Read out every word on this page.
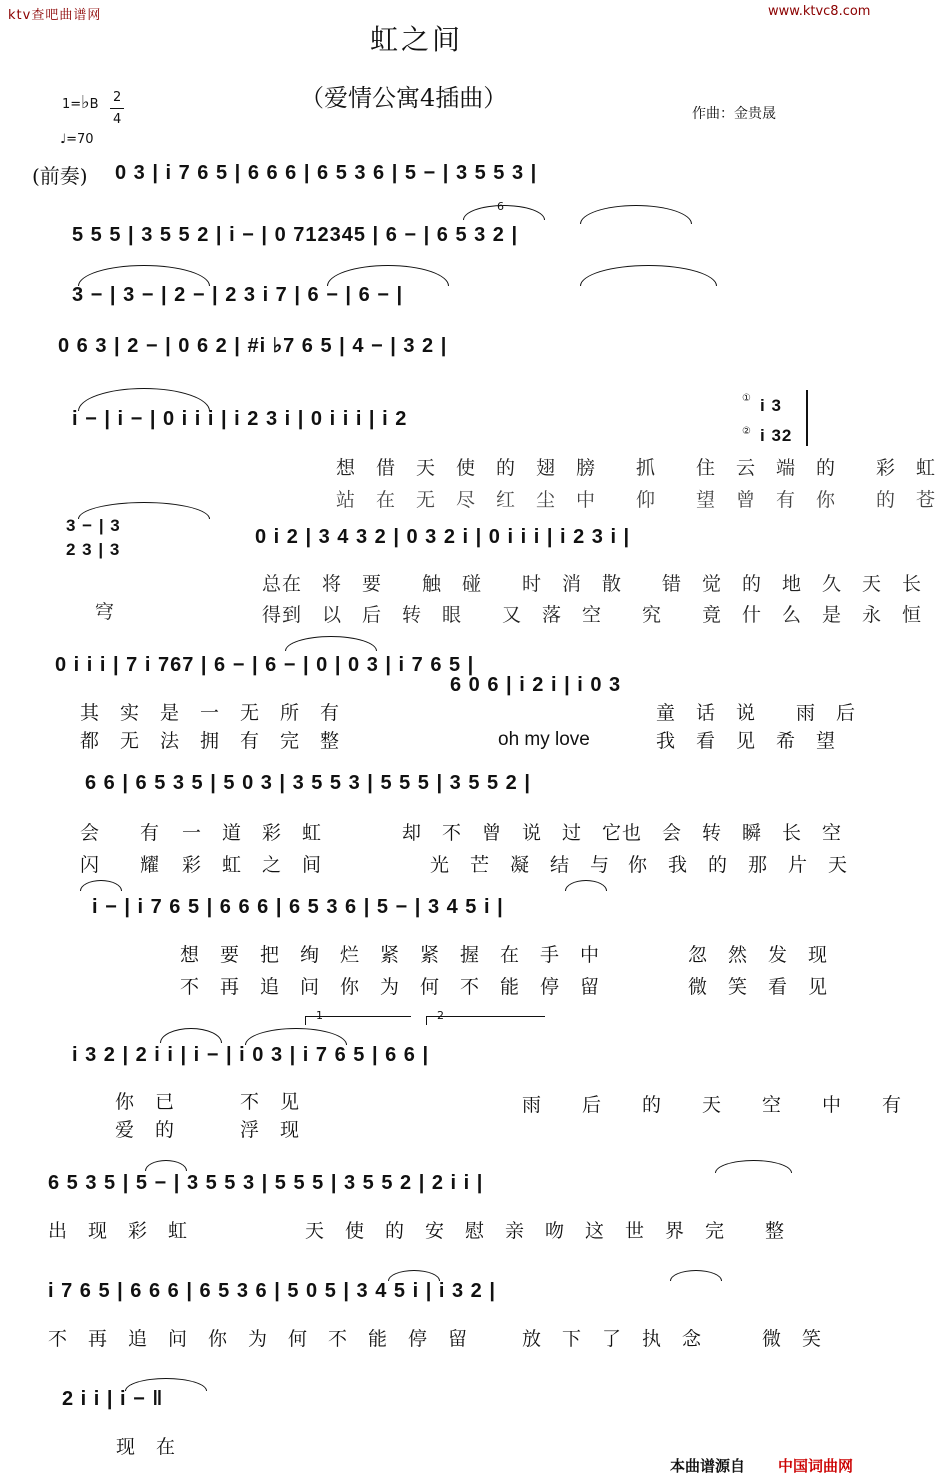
ktv查吧曲谱网	www.ktvc8.com
虹之间
（爱情公寓4插曲）
1=♭B 2
4
♩=70
作曲：金贵晟
(前奏) 0 3 | i 7 6 5 | 6 6 6 | 6 5 3 6 | 5 − | 3 5 5 3 |
6
5 5 5 | 3 5 5 2 | i − | 0 712345 | 6 − | 6 5 3 2 |
3 − | 3 − | 2 − | 2 3 i 7 | 6 − | 6 − |
0 6 3 | 2 − | 0 6 2 | #i ♭7 6 5 | 4 − | 3 2 |
i − | i − | 0 i i i | i 2 3 i | 0 i i i | i 2
① i 3
② i 32
想　借　天　使　的　翅　膀　　抓　　住　云　端　的　　彩　虹
站　在　无　尽　红　尘　中　　仰　　望　曾　有　你　　的　苍
3 − | 3
2 3 | 3
0 i 2 | 3 4 3 2 | 0 3 2 i | 0 i i i | i 2 3 i |
总在　将　要　　触　碰　　时　消　散　　错　觉　的　地　久　天　长
穹	得到　以　后　转　眼　　又　落　空　　究　　竟　什　么　是　永　恒
0 i i i | 7 i 767 | 6 − | 6 − | 0 | 0 3 | i 7 6 5 |
6 0 6 | i 2 i | i 0 3
其　实　是　一　无　所　有	童　话　说　　雨　后
都　无　法　拥　有　完　整	oh my love	我　看　见　希　望
6 6 | 6 5 3 5 | 5 0 3 | 3 5 5 3 | 5 5 5 | 3 5 5 2 |
会　　有 一　道　彩　虹	却　不　曾　说　过　它 也　会　转　瞬　长　空
闪　　耀 彩　虹　之　间	光　芒　凝　结　与 你　我　的　那　片　天
i − | i 7 6 5 | 6 6 6 | 6 5 3 6 | 5 − | 3 4 5 i |
想　要　把　绚　烂　紧　紧　握　在　手　中	忽　然　发　现
不　再　追　问　你　为　何　不　能　停　留	微　笑　看　见
1	2
i 3 2 | 2 i i | i − | i 0 3 | i 7 6 5 | 6 6 |
你　已	不　见	雨　　后　　的　　天　　空　　中　　有
爱　的	浮　现
6 5 3 5 | 5 − | 3 5 5 3 | 5 5 5 | 3 5 5 2 | 2 i i |
出　现　彩　虹	天　使　的　安　慰　亲　吻　这　世　界　完　　整
i 7 6 5 | 6 6 6 | 6 5 3 6 | 5 0 5 | 3 4 5 i | i 3 2 |
不　再　追　问　你　为　何　不　能　停　留	放　下　了　执　念	微　笑
2 i i | i − ‖
现　在
本曲谱源自 中国词曲网
